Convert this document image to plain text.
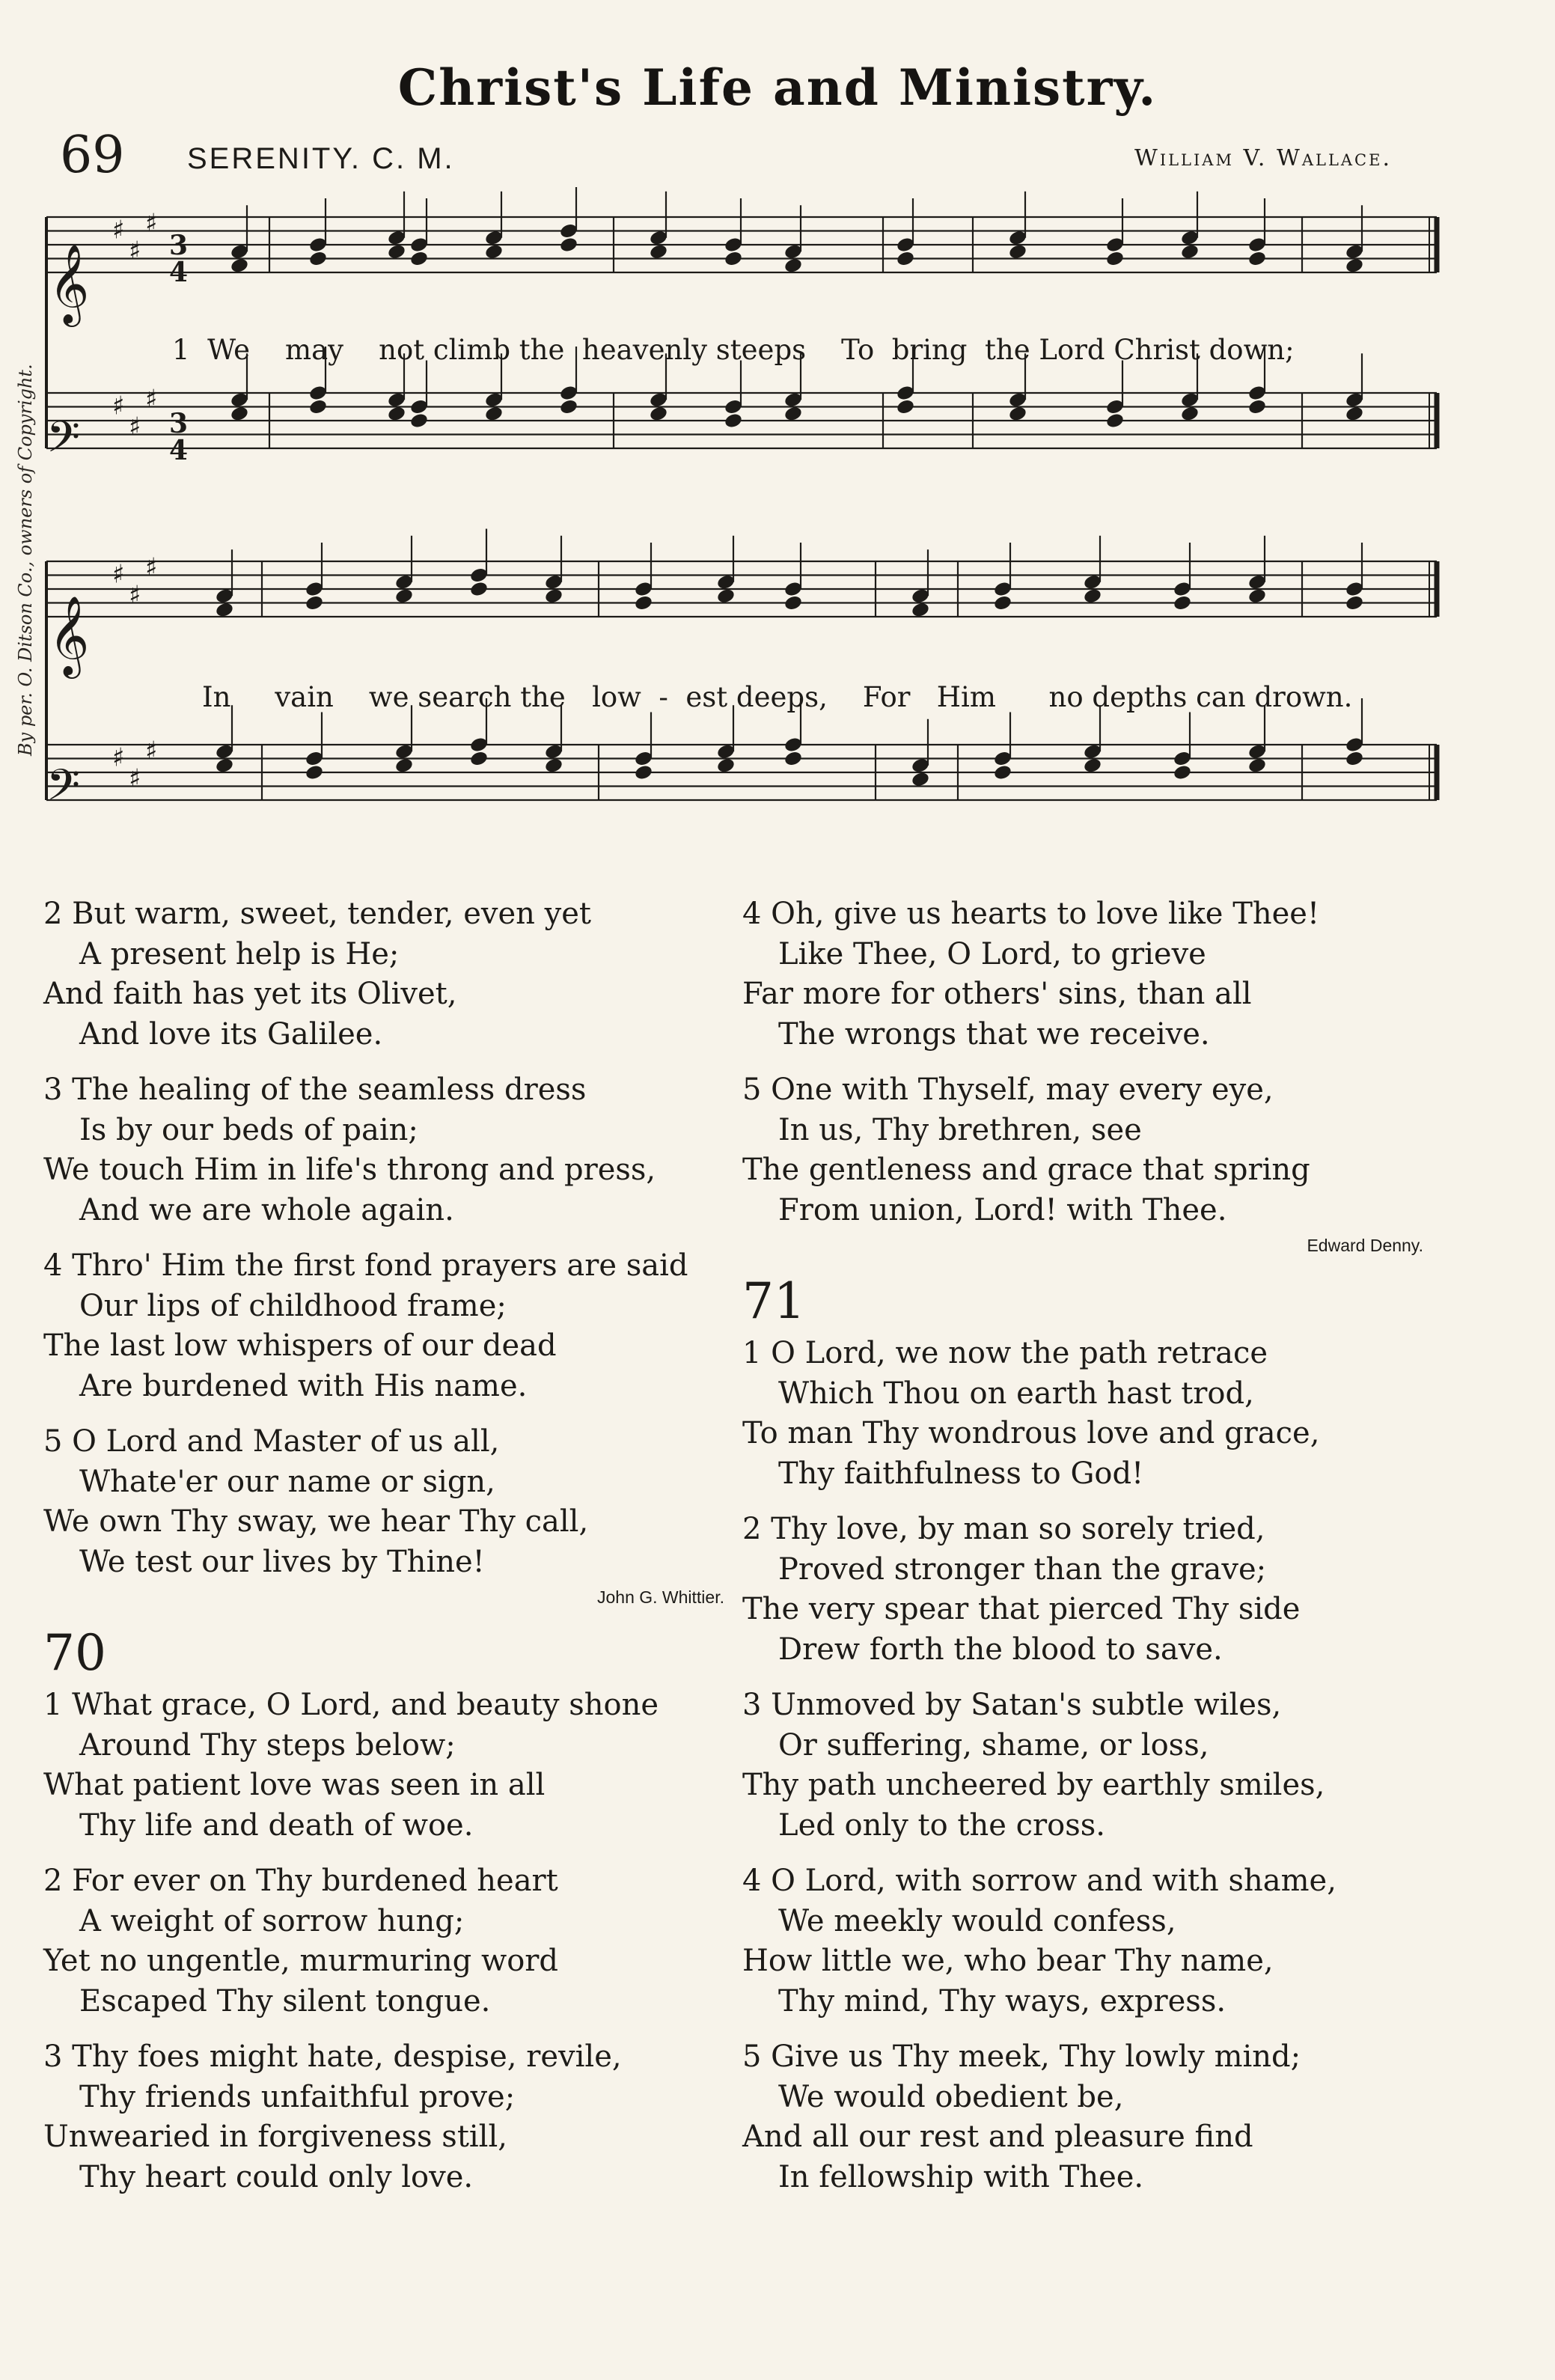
Christ's Life and Ministry.
69 SERENITY. C. M.	William V. Wallace.
By per. O. Ditson Co., owners of Copyright.
♯
♯
♯
♯
♯
♯
♯
♯
♯
♯
♯
♯
𝄞
𝄢
𝄞
𝄢
3
4
3
4
1  We    may    not climb the  heavenly steeps    To  bring  the Lord Christ down;
In     vain    we search the   low  -  est deeps,    For   Him      no depths can drown.
2 But warm, sweet, tender, even yet
A present help is He;
And faith has yet its Olivet,
And love its Galilee.
3 The healing of the seamless dress
Is by our beds of pain;
We touch Him in life's throng and press,
And we are whole again.
4 Thro' Him the first fond prayers are said
Our lips of childhood frame;
The last low whispers of our dead
Are burdened with His name.
5 O Lord and Master of us all,
Whate'er our name or sign,
We own Thy sway, we hear Thy call,
We test our lives by Thine!
John G. Whittier.
70
1 What grace, O Lord, and beauty shone
Around Thy steps below;
What patient love was seen in all
Thy life and death of woe.
2 For ever on Thy burdened heart
A weight of sorrow hung;
Yet no ungentle, murmuring word
Escaped Thy silent tongue.
3 Thy foes might hate, despise, revile,
Thy friends unfaithful prove;
Unwearied in forgiveness still,
Thy heart could only love.
4 Oh, give us hearts to love like Thee!
Like Thee, O Lord, to grieve
Far more for others' sins, than all
The wrongs that we receive.
5 One with Thyself, may every eye,
In us, Thy brethren, see
The gentleness and grace that spring
From union, Lord! with Thee.
Edward Denny.
71
1 O Lord, we now the path retrace
Which Thou on earth hast trod,
To man Thy wondrous love and grace,
Thy faithfulness to God!
2 Thy love, by man so sorely tried,
Proved stronger than the grave;
The very spear that pierced Thy side
Drew forth the blood to save.
3 Unmoved by Satan's subtle wiles,
Or suffering, shame, or loss,
Thy path uncheered by earthly smiles,
Led only to the cross.
4 O Lord, with sorrow and with shame,
We meekly would confess,
How little we, who bear Thy name,
Thy mind, Thy ways, express.
5 Give us Thy meek, Thy lowly mind;
We would obedient be,
And all our rest and pleasure find
In fellowship with Thee.
